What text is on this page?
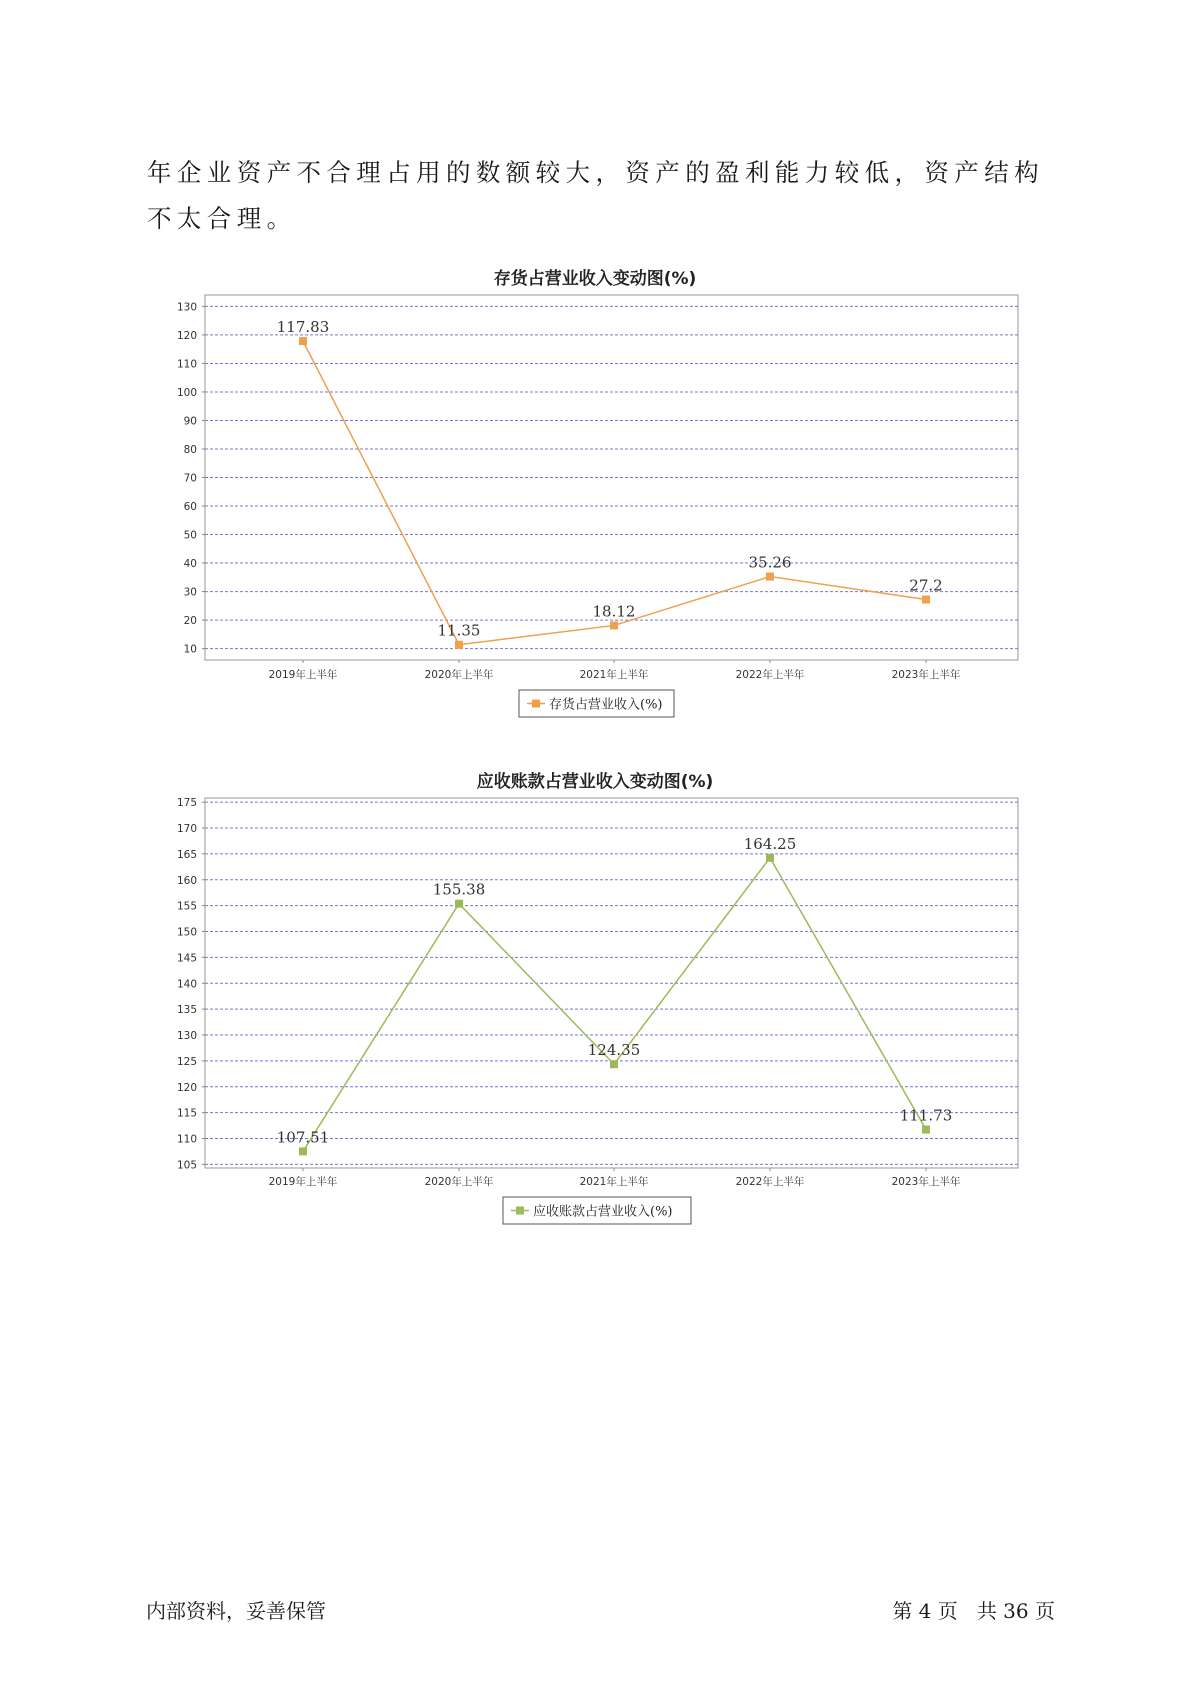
年企业资产不合理占用的数额较大，资产的盈利能力较低，资产结构不太合理。

存货占营业收入变动图(%)
10
20
30
40
50
60
70
80
90
100
110
120
130
2019年上半年	2020年上半年	2021年上半年	2022年上半年	2023年上半年
117.83
11.35
18.12
35.26
27.2
存货占营业收入(%)
应收账款占营业收入变动图(%)
105
110
115
120
125
130
135
140
145
150
155
160
165
170
175
2019年上半年	2020年上半年	2021年上半年	2022年上半年	2023年上半年
107.51
155.38
124.35
164.25
111.73
应收账款占营业收入(%)
内部资料，妥善保管	第 4 页   共 36 页
